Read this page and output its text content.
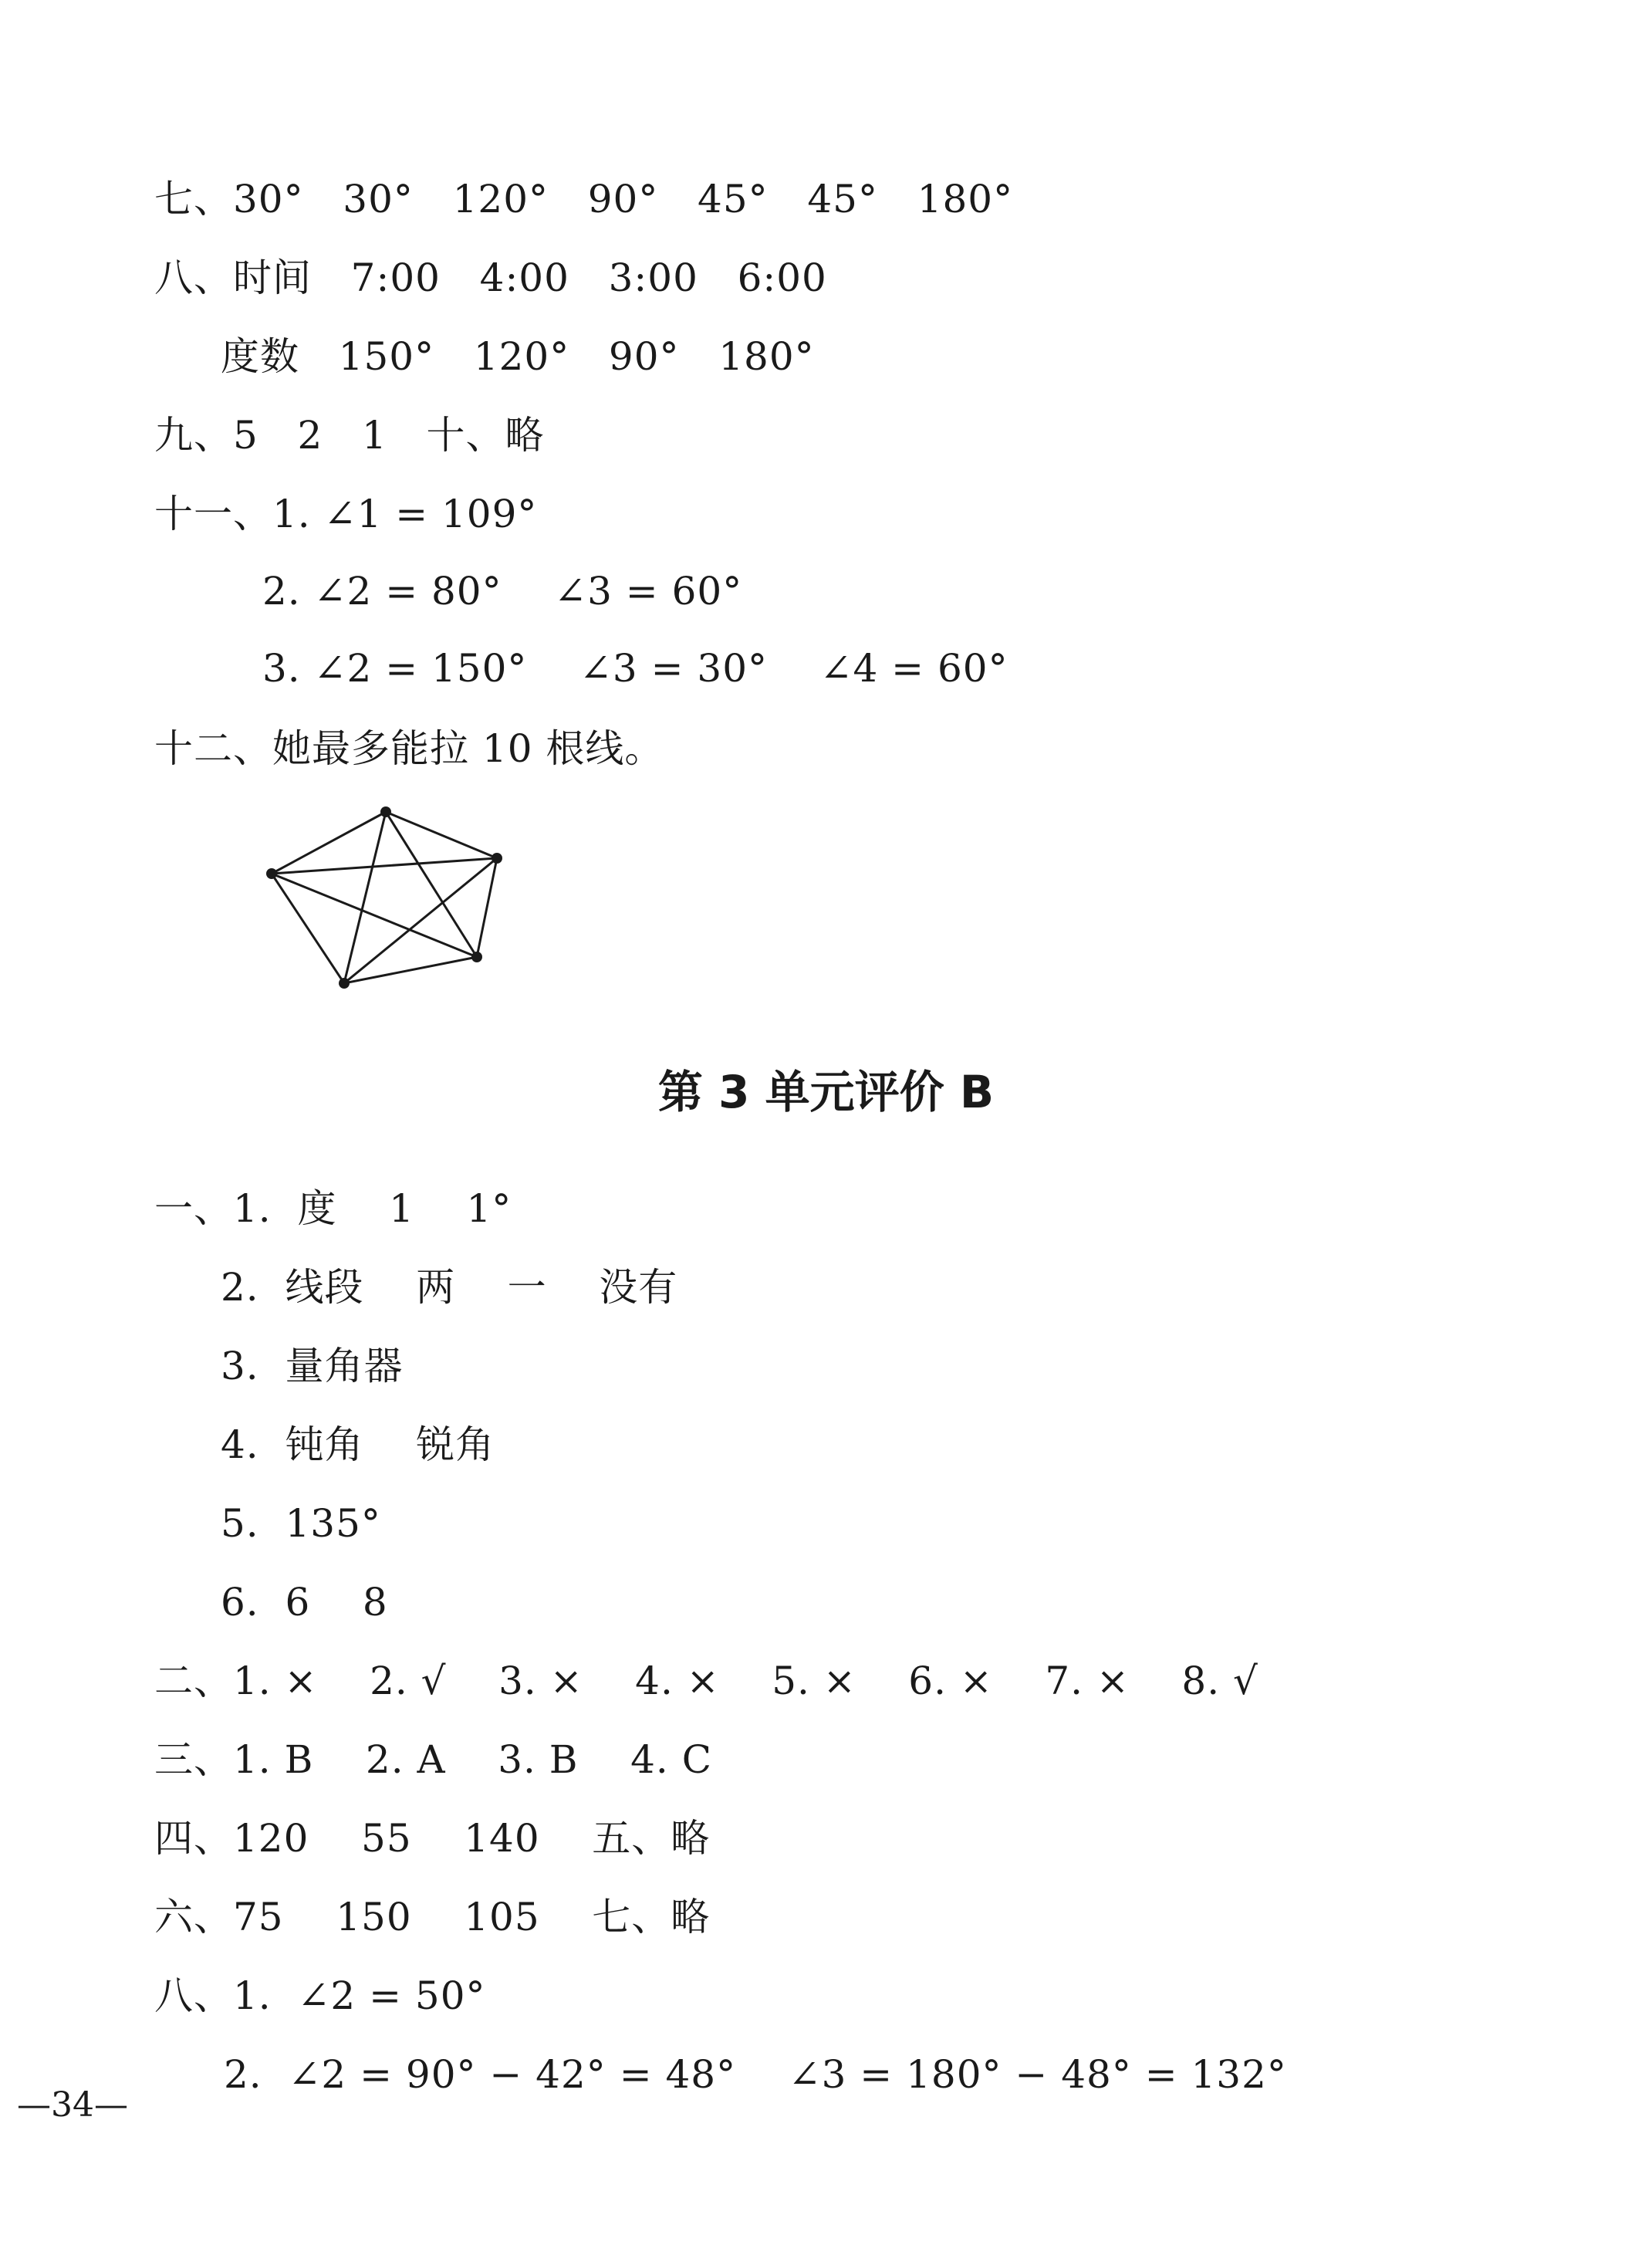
七、30°   30°   120°   90°   45°   45°   180°
八、时间   7:00   4:00   3:00   6:00
度数   150°   120°   90°   180°
九、5   2   1   十、略
十一、1. ∠1 = 109°
2. ∠2 = 80°    ∠3 = 60°
3. ∠2 = 150°    ∠3 = 30°    ∠4 = 60°
十二、她最多能拉 10 根线。
第 3 单元评价 B
一、1.  度    1    1°
2.  线段    两    一    没有
3.  量角器
4.  钝角    锐角
5.  135°
6.  6    8
二、1. ×    2. √    3. ×    4. ×    5. ×    6. ×    7. ×    8. √
三、1. B    2. A    3. B    4. C
四、120    55    140    五、略
六、75    150    105    七、略
八、1.  ∠2 = 50°
2.  ∠2 = 90° − 42° = 48°    ∠3 = 180° − 48° = 132°
—34—
